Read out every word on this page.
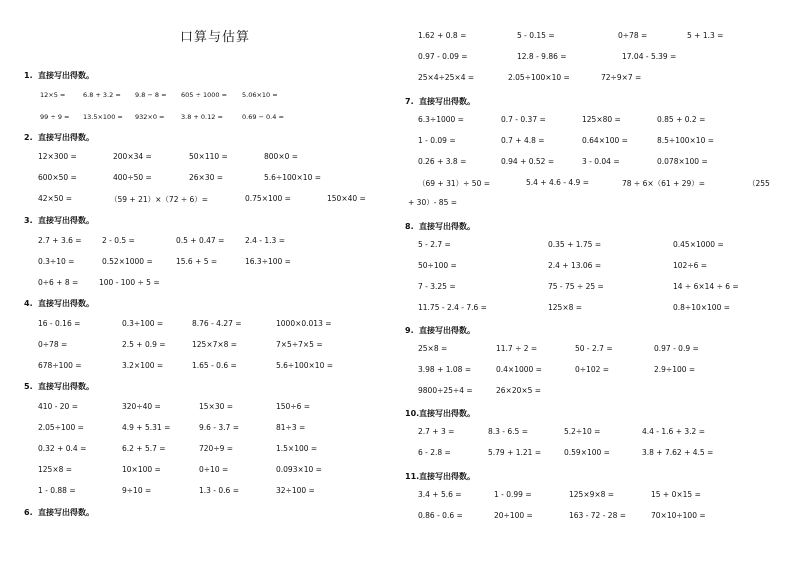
口算与估算
1. 直接写出得数。
2. 直接写出得数。
3. 直接写出得数。
4. 直接写出得数。
5. 直接写出得数。
6. 直接写出得数。
7. 直接写出得数。
8. 直接写出得数。
9. 直接写出得数。
10.直接写出得数。
11.直接写出得数。
12×5 =	6.8 + 3.2 = 9.8 − 8 = 605 ÷ 1000 = 5.06×10 =
99 ÷ 9 = 13.5×100 = 932×0 =	3.8 + 0.12 =	0.69 − 0.4 =
12×300 =	200×34 =	50×110 =	800×0 =
600×50 =	400÷50 =	26×30 =	5.6÷100×10 =
42×50 =	（59 + 21）×（72 ÷ 6）=	0.75×100 =	150×40 =
2.7 + 3.6 =	2 - 0.5 =	0.5 + 0.47 =	2.4 - 1.3 =
0.3÷10 =	0.52×1000 =	15.6 + 5 =	16.3÷100 =
0÷6 + 8 =	100 - 100 ÷ 5 =
16 - 0.16 =	0.3÷100 =	8.76 - 4.27 =	1000×0.013 =
0÷78 =	2.5 + 0.9 =	125×7×8 =	7×5÷7×5 =
678÷100 =	3.2×100 =	1.65 - 0.6 =	5.6÷100×10 =
410 - 20 =	320÷40 =	15×30 =	150÷6 =
2.05÷100 =	4.9 + 5.31 =	9.6 - 3.7 =	81÷3 =
0.32 + 0.4 =	6.2 + 5.7 =	720÷9 =	1.5×100 =
125×8 =	10×100 =	0÷10 =	0.093×10 =
1 - 0.88 =	9÷10 =	1.3 - 0.6 =	32÷100 =
1.62 + 0.8 =	5 - 0.15 =	0÷78 =	5 + 1.3 =
0.97 - 0.09 =	12.8 - 9.86 =	17.04 - 5.39 =
25×4÷25×4 =	2.05÷100×10 =	72÷9×7 =
6.3÷1000 =	0.7 - 0.37 =	125×80 =	0.85 + 0.2 =
1 - 0.09 =	0.7 + 4.8 =	0.64×100 =	8.5÷100×10 =
0.26 + 3.8 =	0.94 + 0.52 =	3 - 0.04 =	0.078×100 =
（69 + 31）÷ 50 =	5.4 + 4.6 - 4.9 =	78 ÷ 6×（61 + 29）=	（255
+ 30）- 85 =
5 - 2.7 =	0.35 + 1.75 =	0.45×1000 =
50÷100 =	2.4 + 13.06 =	102÷6 =
7 - 3.25 =	75 - 75 ÷ 25 =	14 ÷ 6×14 ÷ 6 =
11.75 - 2.4 - 7.6 =	125×8 =	0.8÷10×100 =
25×8 =	11.7 ÷ 2 =	50 - 2.7 =	0.97 - 0.9 =
3.98 + 1.08 =	0.4×1000 =	0÷102 =	2.9÷100 =
9800÷25÷4 =	26×20×5 =
2.7 + 3 =	8.3 - 6.5 =	5.2÷10 =	4.4 - 1.6 + 3.2 =
6 - 2.8 =	5.79 + 1.21 =	0.59×100 =	3.8 + 7.62 + 4.5 =
3.4 + 5.6 =	1 - 0.99 =	125×9×8 =	15 + 0×15 =
0.86 - 0.6 =	20÷100 =	163 - 72 - 28 =	70×10÷100 =
